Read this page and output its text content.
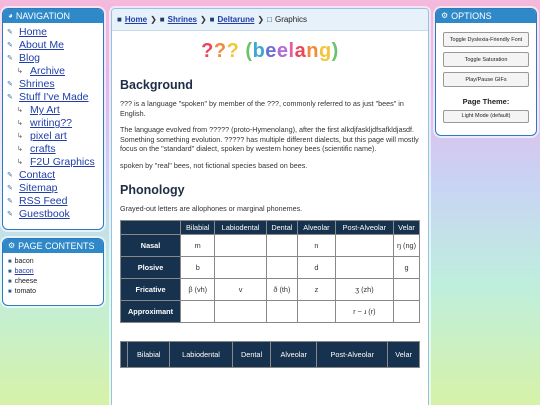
◕ NAVIGATION
✎ Home
✎ About Me
✎ Blog
↳ Archive
✎ Shrines
✎ Stuff I've Made
↳ My Art
↳ writing??
↳ pixel art
↳ crafts
↳ F2U Graphics
✎ Contact
✎ Sitemap
✎ RSS Feed
✎ Guestbook
⚙ PAGE CONTENTS
■ bacon
■ bacon
■ cheese
■ tomato
■ Home ❯ ■ Shrines ❯ ■ Deltarune ❯ □ Graphics
??? (beelang)
Background

??? is a language "spoken" by member of the ???, commonly referred to as just "bees" in English.

The language evolved from ????? (proto-Hymenolang), after the first alkdjfaskljdfsafkldjasdf. Something something evolution. ????? has multiple different dialects, but this page will mostly focus on the "standard" dialect, spoken by western honey bees (scientific name).

spoken by "real" bees, not fictional species based on bees.

Phonology

Grayed-out letters are allophones or marginal phonemes.

	Bilabial	Labiodental	Dental	Alveolar	Post-Alveolar	Velar
Nasal	m			n		ŋ (ng)
Plosive	b			d		ɡ
Fricative	β (vh)	v	ð (th)	z	ʒ (zh)	
Approximant					r ~ ɹ (r)	
	Bilabial	Labiodental	Dental	Alveolar	Post-Alveolar	Velar
⚙ OPTIONS
Toggle Dyslexia-Friendly Font
Toggle Saturation
Play/Pause GIFs
Page Theme:
Light Mode (default)
